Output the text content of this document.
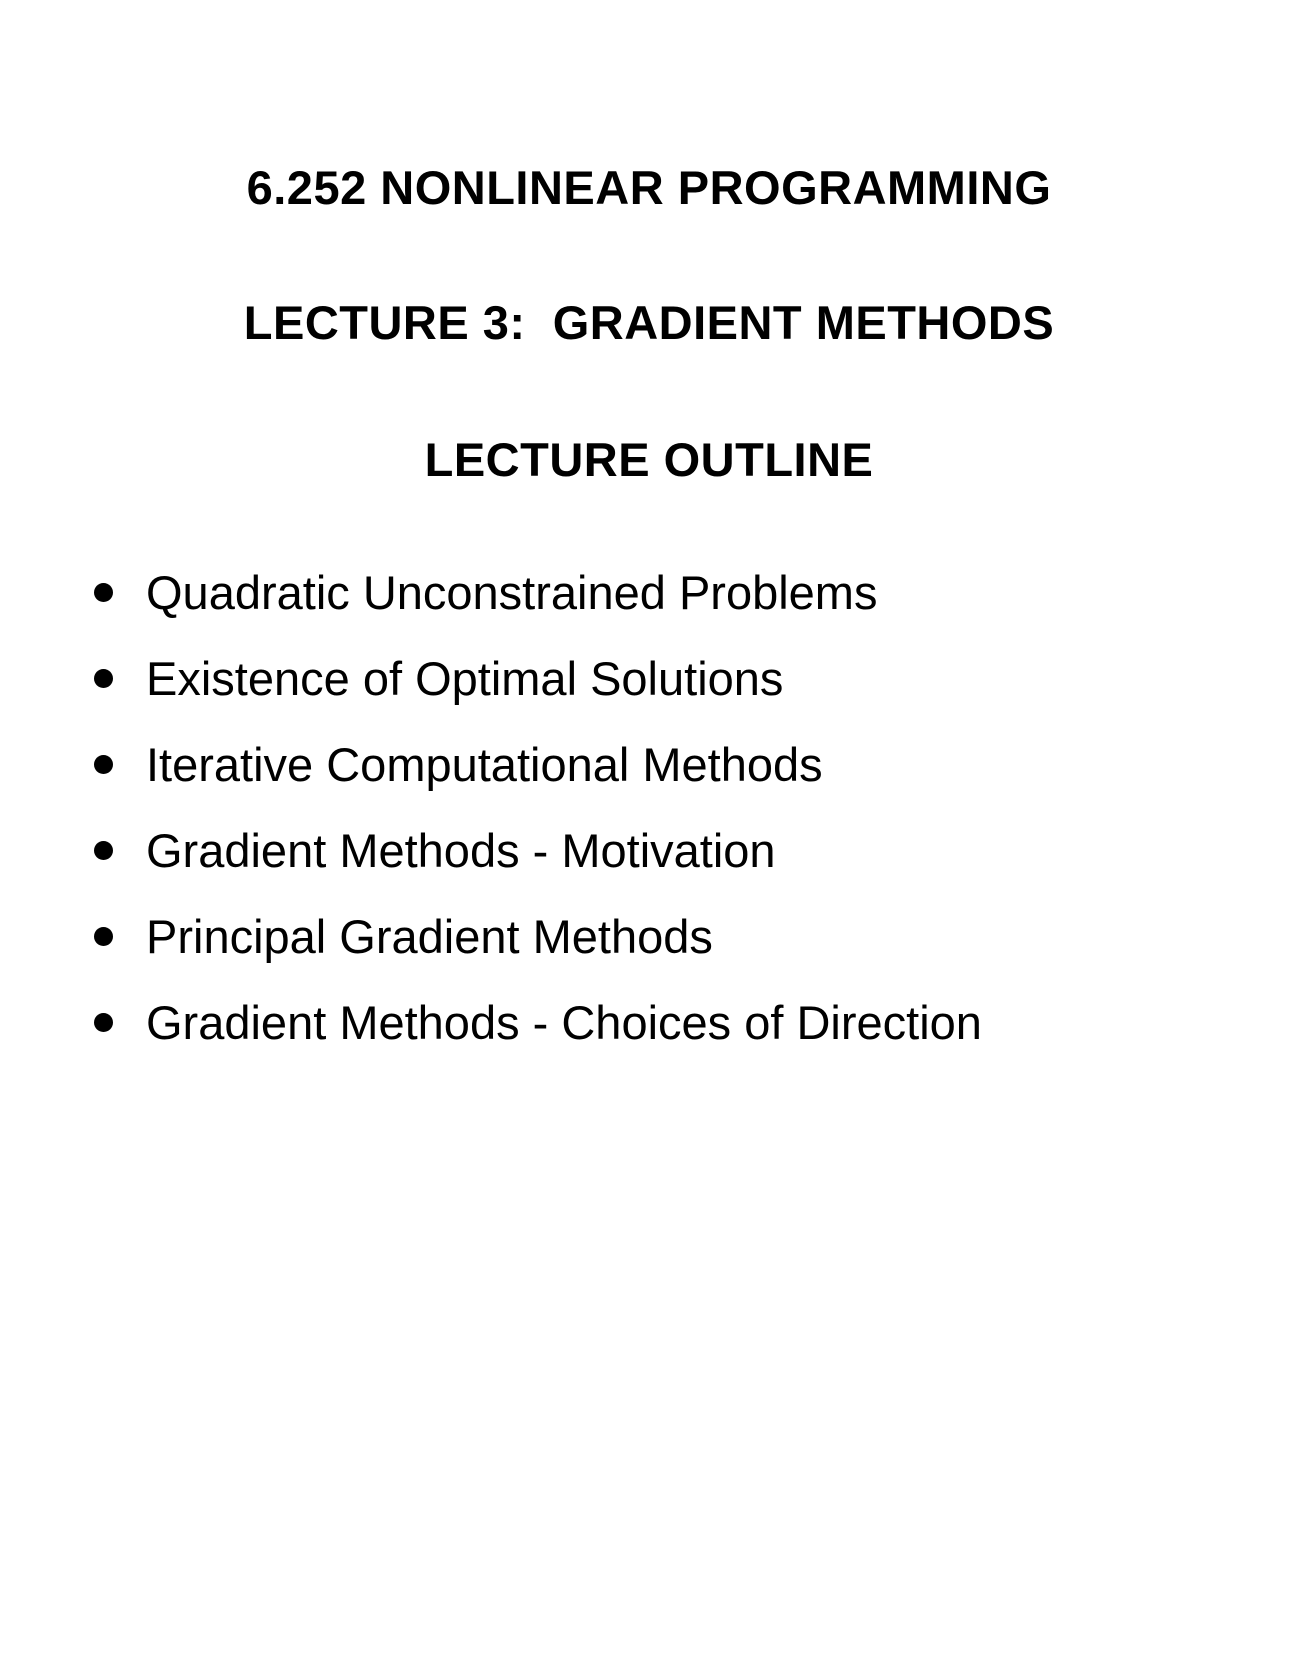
6.252 NONLINEAR PROGRAMMING
LECTURE 3:  GRADIENT METHODS
LECTURE OUTLINE
Quadratic Unconstrained Problems
Existence of Optimal Solutions
Iterative Computational Methods
Gradient Methods - Motivation
Principal Gradient Methods
Gradient Methods - Choices of Direction
